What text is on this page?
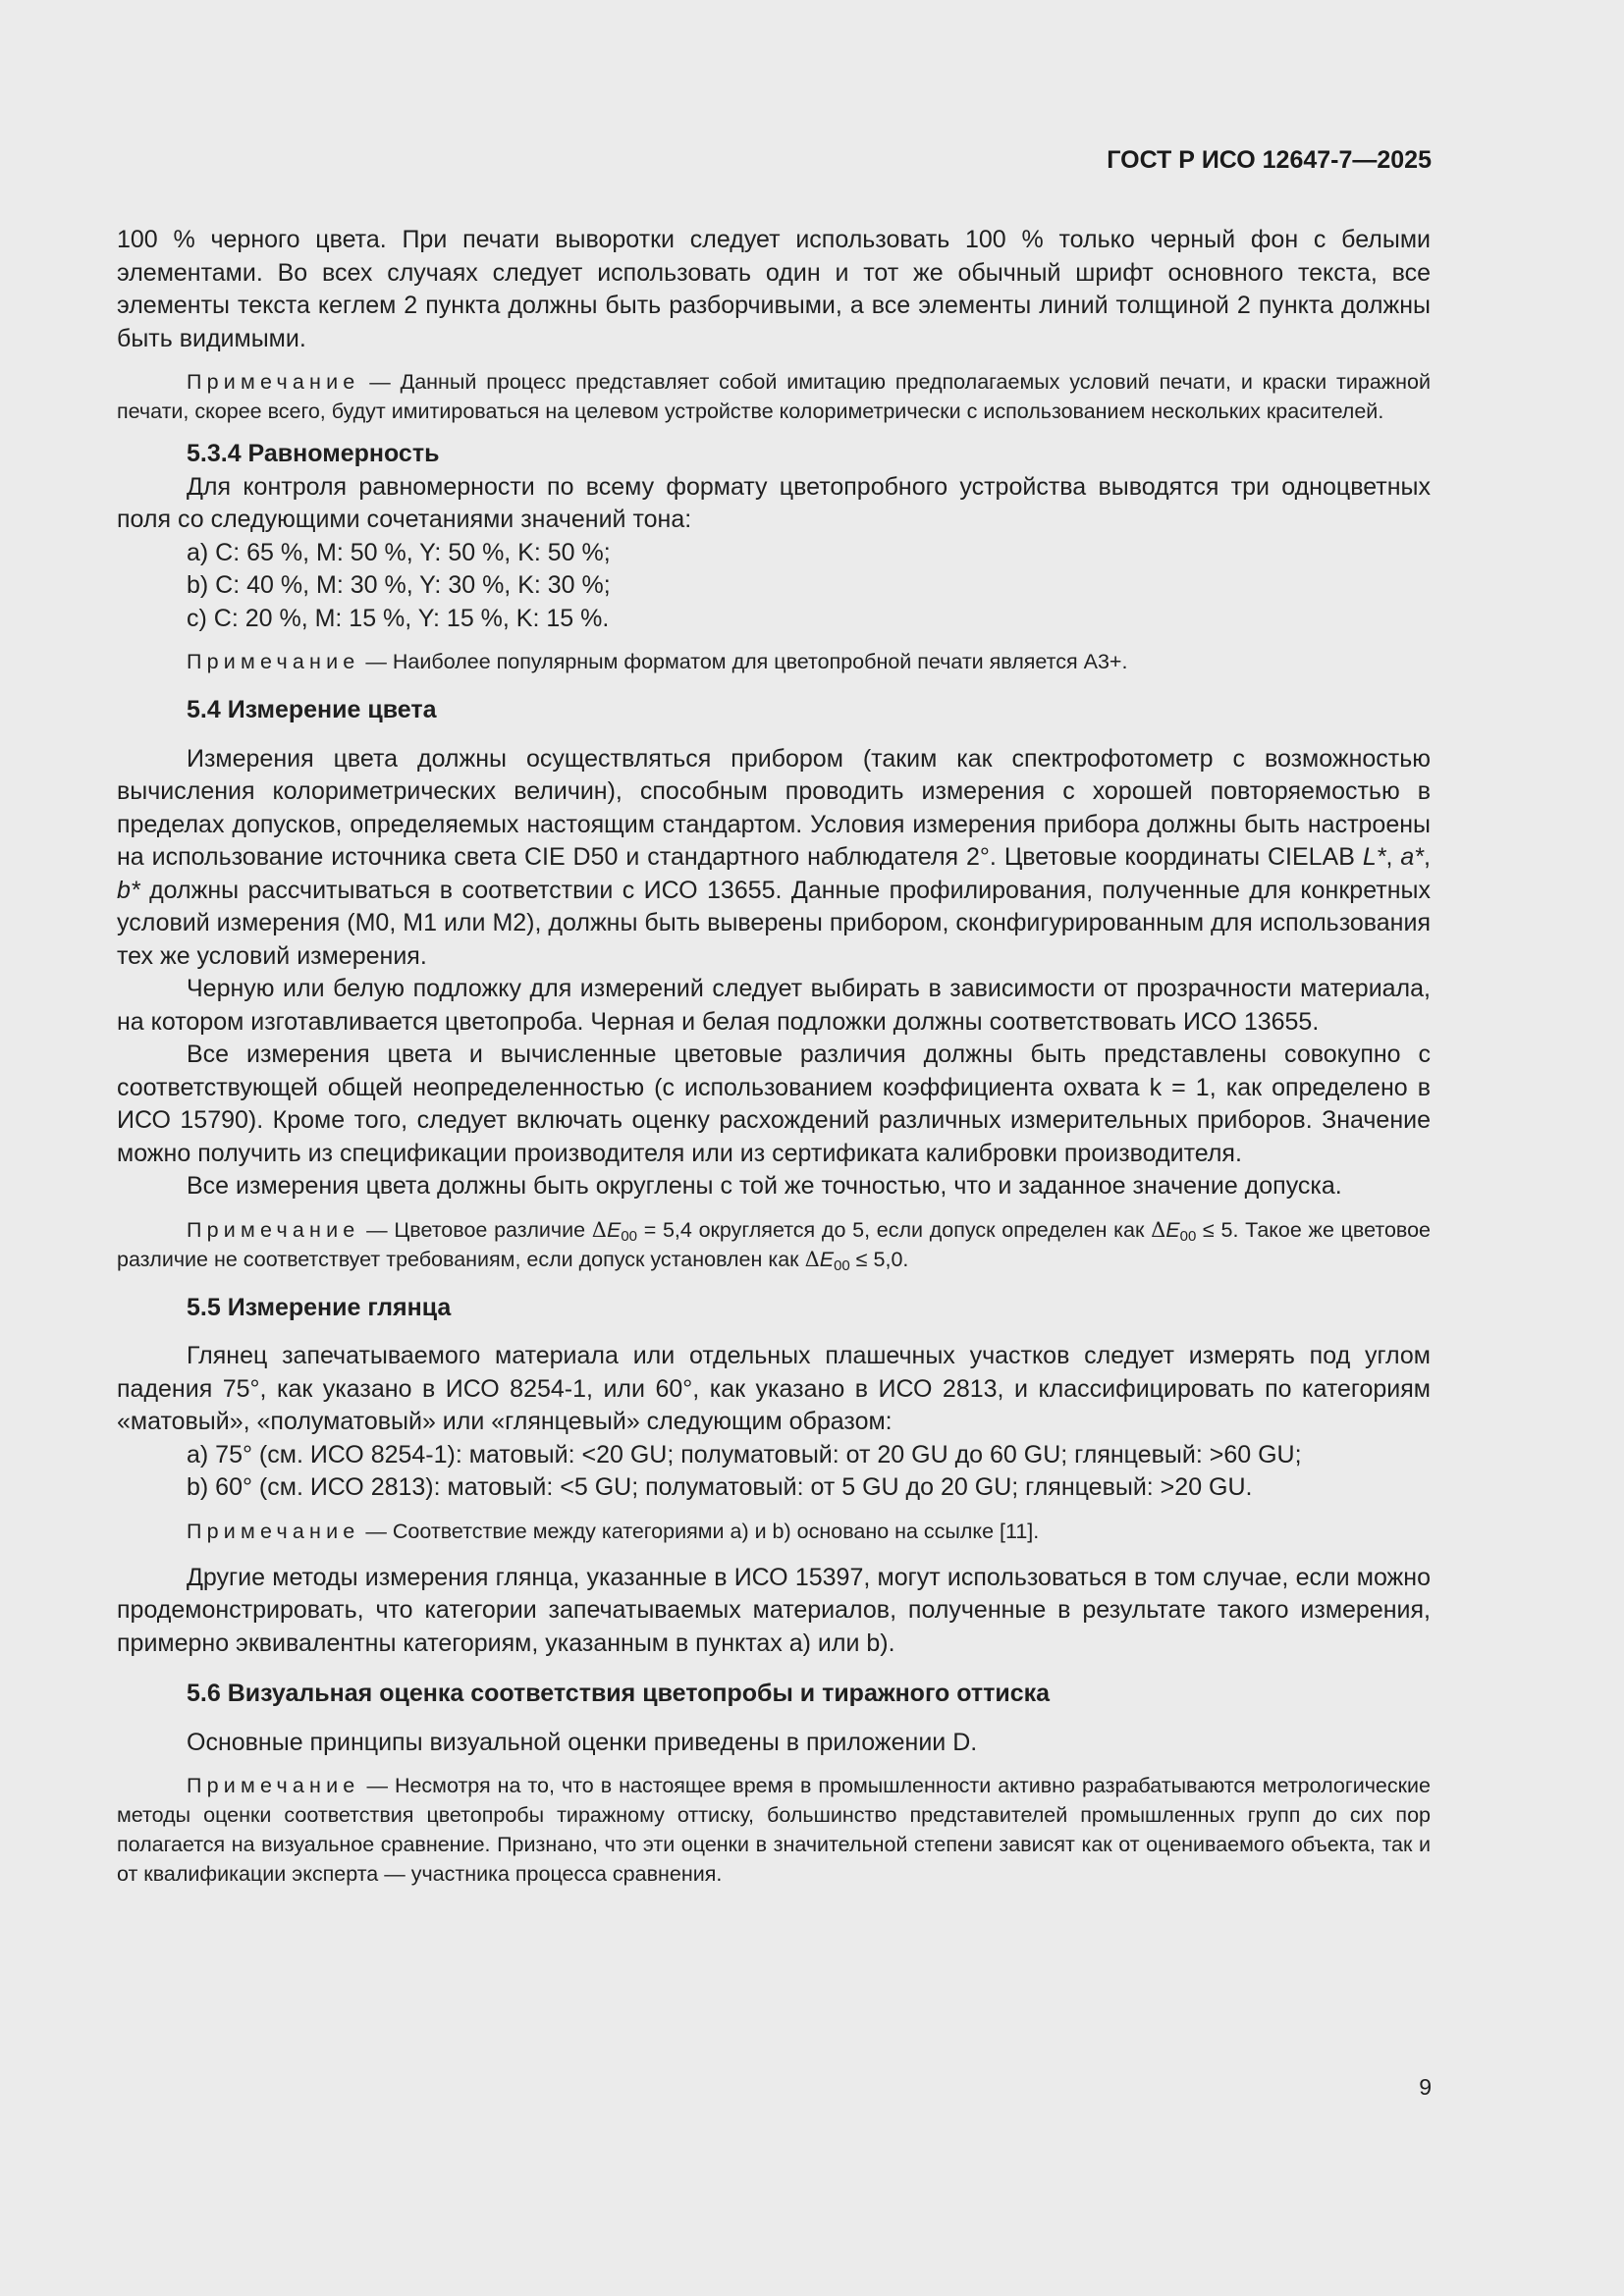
ГОСТ Р ИСО 12647-7—2025

100 % черного цвета. При печати выворотки следует использовать 100 % только черный фон с белыми элементами. Во всех случаях следует использовать один и тот же обычный шрифт основного текста, все элементы текста кеглем 2 пункта должны быть разборчивыми, а все элементы линий толщиной 2 пункта должны быть видимыми.

Примечание — Данный процесс представляет собой имитацию предполагаемых условий печати, и краски тиражной печати, скорее всего, будут имитироваться на целевом устройстве колориметрически с использованием нескольких красителей.

5.3.4 Равномерность

Для контроля равномерности по всему формату цветопробного устройства выводятся три одноцветных поля со следующими сочетаниями значений тона:

a) C: 65 %, M: 50 %, Y: 50 %, K: 50 %;

b) C: 40 %, M: 30 %, Y: 30 %, K: 30 %;

c) C: 20 %, M: 15 %, Y: 15 %, K: 15 %.

Примечание — Наиболее популярным форматом для цветопробной печати является A3+.

5.4 Измерение цвета

Измерения цвета должны осуществляться прибором (таким как спектрофотометр с возможностью вычисления колориметрических величин), способным проводить измерения с хорошей повторяемостью в пределах допусков, определяемых настоящим стандартом. Условия измерения прибора должны быть настроены на использование источника света CIE D50 и стандартного наблюдателя 2°. Цветовые координаты CIELAB L*, a*, b* должны рассчитываться в соответствии с ИСО 13655. Данные профилирования, полученные для конкретных условий измерения (M0, M1 или M2), должны быть выверены прибором, сконфигурированным для использования тех же условий измерения.

Черную или белую подложку для измерений следует выбирать в зависимости от прозрачности материала, на котором изготавливается цветопроба. Черная и белая подложки должны соответствовать ИСО 13655.

Все измерения цвета и вычисленные цветовые различия должны быть представлены совокупно с соответствующей общей неопределенностью (с использованием коэффициента охвата k = 1, как определено в ИСО 15790). Кроме того, следует включать оценку расхождений различных измерительных приборов. Значение можно получить из спецификации производителя или из сертификата калибровки производителя.

Все измерения цвета должны быть округлены с той же точностью, что и заданное значение допуска.

Примечание — Цветовое различие $\Delta E_{00} = 5,4$ округляется до 5, если допуск определен как $\Delta E_{00} \le 5$. Такое же цветовое различие не соответствует требованиям, если допуск установлен как $\Delta E_{00} \le 5,0$.

5.5 Измерение глянца

Глянец запечатываемого материала или отдельных плашечных участков следует измерять под углом падения 75°, как указано в ИСО 8254-1, или 60°, как указано в ИСО 2813, и классифицировать по категориям «матовый», «полуматовый» или «глянцевый» следующим образом:

a) 75° (см. ИСО 8254-1): матовый: <20 GU; полуматовый: от 20 GU до 60 GU; глянцевый: >60 GU;

b) 60° (см. ИСО 2813): матовый: <5 GU; полуматовый: от 5 GU до 20 GU; глянцевый: >20 GU.

Примечание — Соответствие между категориями a) и b) основано на ссылке [11].

Другие методы измерения глянца, указанные в ИСО 15397, могут использоваться в том случае, если можно продемонстрировать, что категории запечатываемых материалов, полученные в результате такого измерения, примерно эквивалентны категориям, указанным в пунктах a) или b).

5.6 Визуальная оценка соответствия цветопробы и тиражного оттиска

Основные принципы визуальной оценки приведены в приложении D.

Примечание — Несмотря на то, что в настоящее время в промышленности активно разрабатываются метрологические методы оценки соответствия цветопробы тиражному оттиску, большинство представителей промышленных групп до сих пор полагается на визуальное сравнение. Признано, что эти оценки в значительной степени зависят как от оцениваемого объекта, так и от квалификации эксперта — участника процесса сравнения.

9
